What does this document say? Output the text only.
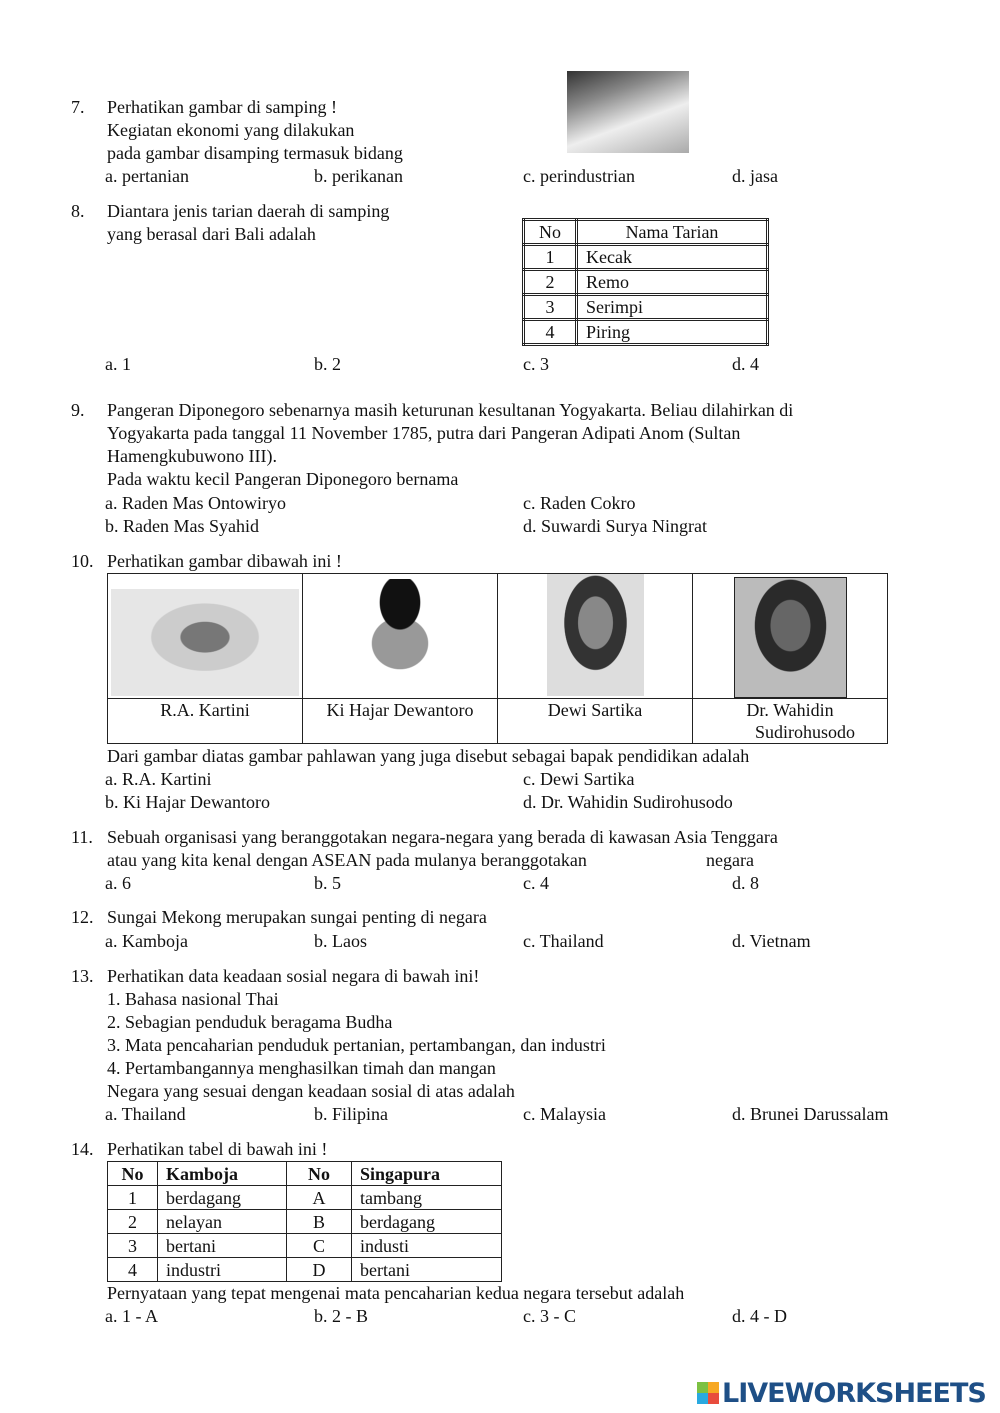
7. Perhatikan gambar di samping !
Kegiatan ekonomi yang dilakukan
pada gambar disamping termasuk bidang
a. pertanian	b. perikanan	c. perindustrian	d. jasa
8. Diantara jenis tarian daerah di samping
yang berasal dari Bali adalah	No	Nama Tarian
1	Kecak
2	Remo
3	Serimpi
4	Piring
a. 1	b. 2	c. 3	d. 4
9. Pangeran Diponegoro sebenarnya masih keturunan kesultanan Yogyakarta. Beliau dilahirkan di
Yogyakarta pada tanggal 11 November 1785, putra dari Pangeran Adipati Anom (Sultan
Hamengkubuwono III).
Pada waktu kecil Pangeran Diponegoro bernama
a. Raden Mas Ontowiryo
b. Raden Mas Syahid
c. Raden Cokro
d. Suwardi Surya Ningrat
10. Perhatikan gambar dibawah ini !

R.A. Kartini	Ki Hajar Dewantoro	Dewi Sartika	Dr. Wahidin
Sudirohusodo
Dari gambar diatas gambar pahlawan yang juga disebut sebagai bapak pendidikan adalah
a. R.A. Kartini
b. Ki Hajar Dewantoro
c. Dewi Sartika
d. Dr. Wahidin Sudirohusodo
11. Sebuah organisasi yang beranggotakan negara-negara yang berada di kawasan Asia Tenggara
atau yang kita kenal dengan ASEAN pada mulanya beranggotakan	negara
a. 6	b. 5	c. 4	d. 8
12. Sungai Mekong merupakan sungai penting di negara
a. Kamboja	b. Laos	c. Thailand	d. Vietnam
13. Perhatikan data keadaan sosial negara di bawah ini!
1. Bahasa nasional Thai
2. Sebagian penduduk beragama Budha
3. Mata pencaharian penduduk pertanian, pertambangan, dan industri
4. Pertambangannya menghasilkan timah dan mangan
Negara yang sesuai dengan keadaan sosial di atas adalah
a. Thailand	b. Filipina	c. Malaysia	d. Brunei Darussalam
14. Perhatikan tabel di bawah ini !
No	Kamboja	No	Singapura
1	berdagang	A	tambang
2	nelayan	B	berdagang
3	bertani	C	industi
4	industri	D	bertani
Pernyataan yang tepat mengenai mata pencaharian kedua negara tersebut adalah
a. 1 - A	b. 2 - B	c. 3 - C	d. 4 - D
LIVEWORKSHEETS
